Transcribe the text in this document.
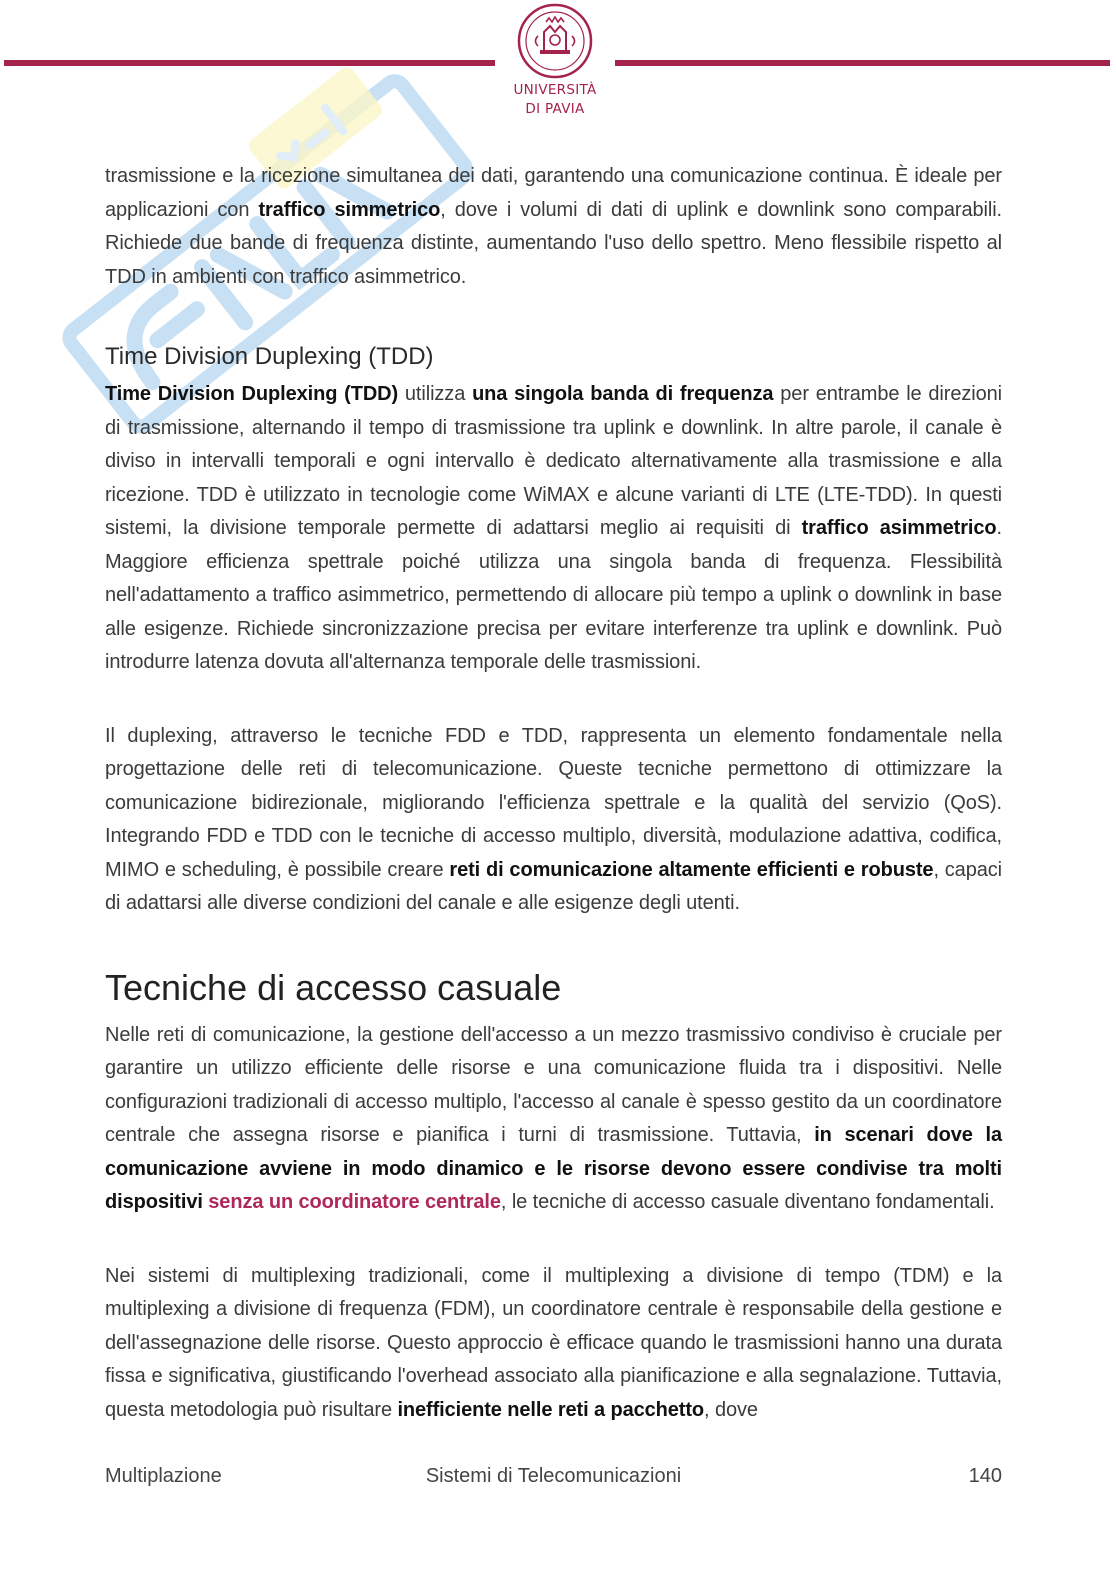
UNIVERSITÀ
DI PAVIA

trasmissione e la ricezione simultanea dei dati, garantendo una comunicazione continua. È ideale per applicazioni con traffico simmetrico, dove i volumi di dati di uplink e downlink sono comparabili. Richiede due bande di frequenza distinte, aumentando l'uso dello spettro. Meno flessibile rispetto al TDD in ambienti con traffico asimmetrico.

Time Division Duplexing (TDD)

Time Division Duplexing (TDD) utilizza una singola banda di frequenza per entrambe le direzioni di trasmissione, alternando il tempo di trasmissione tra uplink e downlink. In altre parole, il canale è diviso in intervalli temporali e ogni intervallo è dedicato alternativamente alla trasmissione e alla ricezione. TDD è utilizzato in tecnologie come WiMAX e alcune varianti di LTE (LTE-TDD). In questi sistemi, la divisione temporale permette di adattarsi meglio ai requisiti di traffico asimmetrico. Maggiore efficienza spettrale poiché utilizza una singola banda di frequenza. Flessibilità nell'adattamento a traffico asimmetrico, permettendo di allocare più tempo a uplink o downlink in base alle esigenze. Richiede sincronizzazione precisa per evitare interferenze tra uplink e downlink. Può introdurre latenza dovuta all'alternanza temporale delle trasmissioni.

Il duplexing, attraverso le tecniche FDD e TDD, rappresenta un elemento fondamentale nella progettazione delle reti di telecomunicazione. Queste tecniche permettono di ottimizzare la comunicazione bidirezionale, migliorando l'efficienza spettrale e la qualità del servizio (QoS). Integrando FDD e TDD con le tecniche di accesso multiplo, diversità, modulazione adattiva, codifica, MIMO e scheduling, è possibile creare reti di comunicazione altamente efficienti e robuste, capaci di adattarsi alle diverse condizioni del canale e alle esigenze degli utenti.

Tecniche di accesso casuale

Nelle reti di comunicazione, la gestione dell'accesso a un mezzo trasmissivo condiviso è cruciale per garantire un utilizzo efficiente delle risorse e una comunicazione fluida tra i dispositivi. Nelle configurazioni tradizionali di accesso multiplo, l'accesso al canale è spesso gestito da un coordinatore centrale che assegna risorse e pianifica i turni di trasmissione. Tuttavia, in scenari dove la comunicazione avviene in modo dinamico e le risorse devono essere condivise tra molti dispositivi senza un coordinatore centrale, le tecniche di accesso casuale diventano fondamentali.

Nei sistemi di multiplexing tradizionali, come il multiplexing a divisione di tempo (TDM) e la multiplexing a divisione di frequenza (FDM), un coordinatore centrale è responsabile della gestione e dell'assegnazione delle risorse. Questo approccio è efficace quando le trasmissioni hanno una durata fissa e significativa, giustificando l'overhead associato alla pianificazione e alla segnalazione. Tuttavia, questa metodologia può risultare inefficiente nelle reti a pacchetto, dove

Sistemi di Telecomunicazioni
Multiplazione	140
